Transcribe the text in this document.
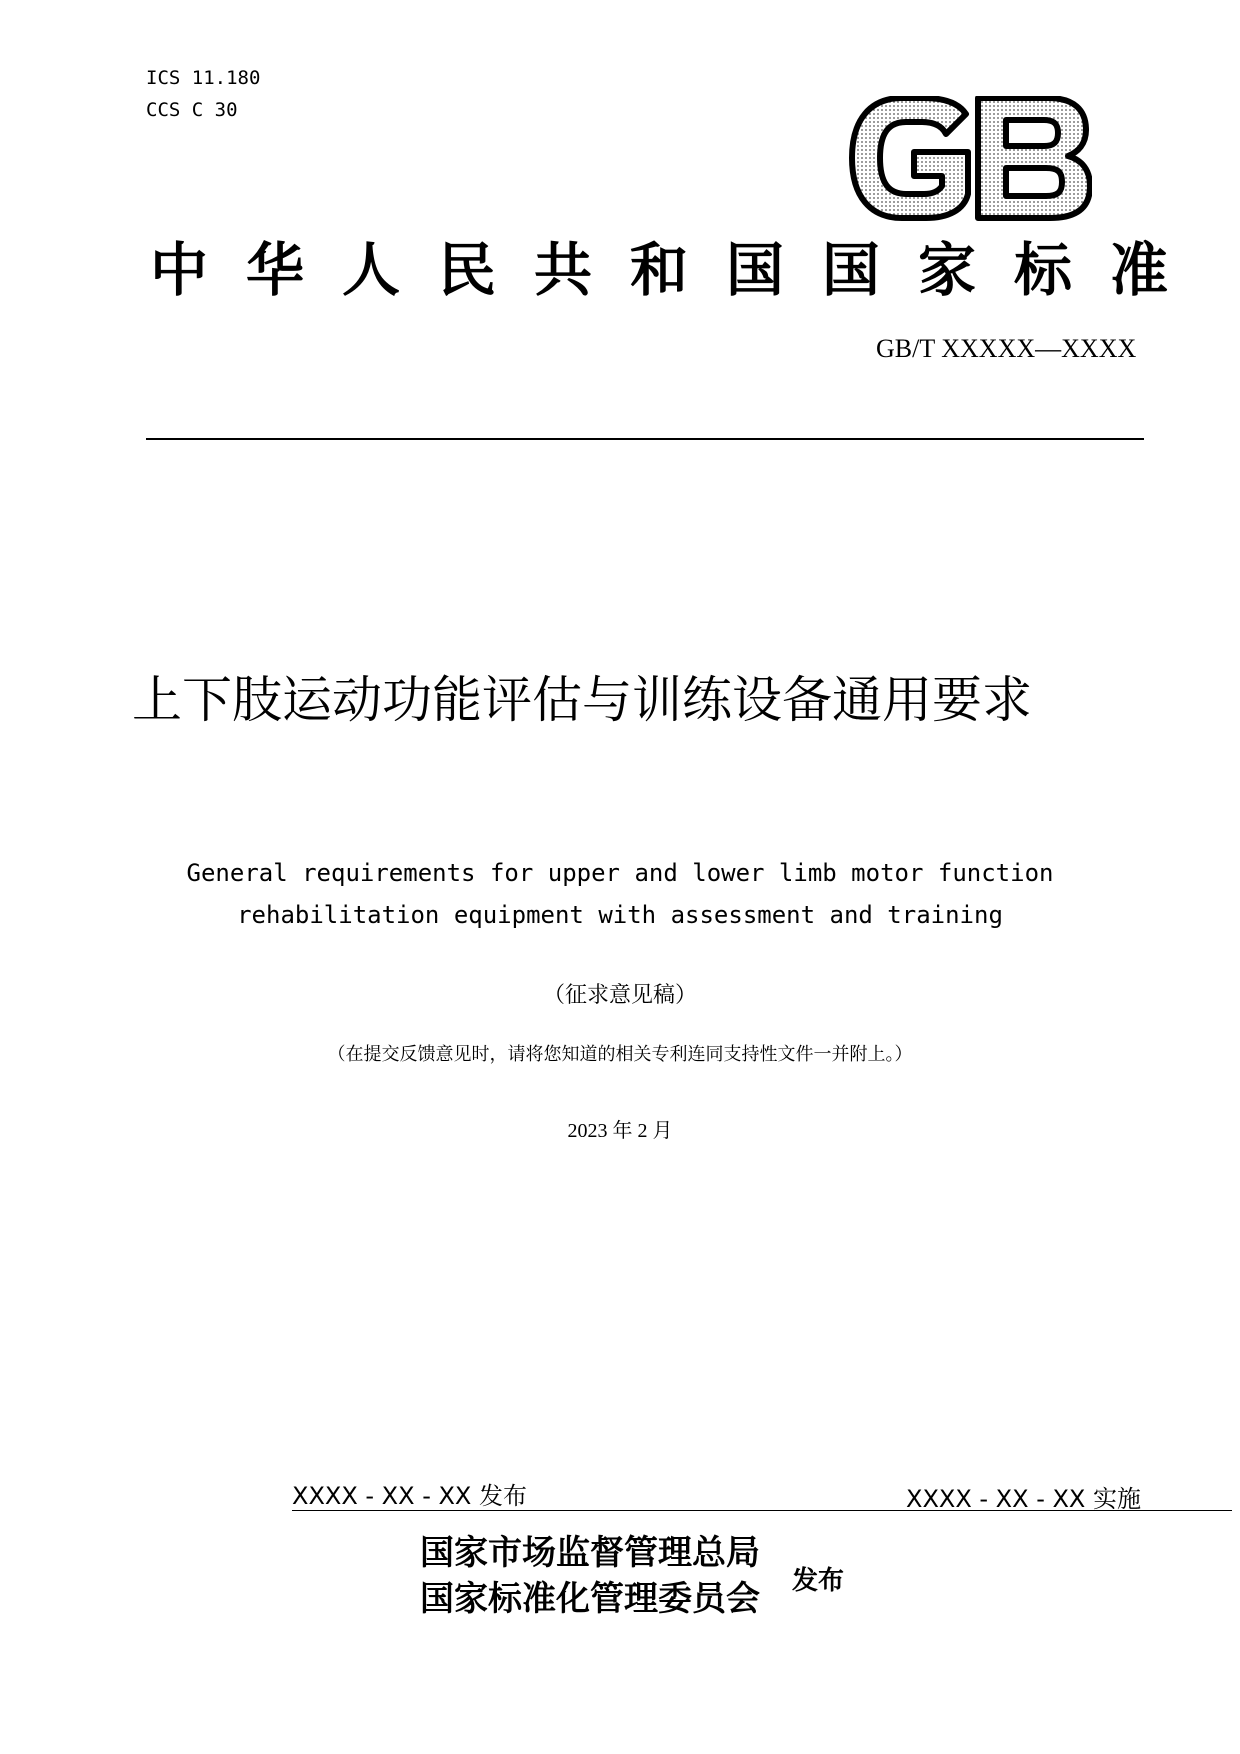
ICS 11.180
CCS C 30
中华人民共和国国家标准
GB/T XXXXX—XXXX
上下肢运动功能评估与训练设备通用要求
General requirements for upper and lower limb motor function
rehabilitation equipment with assessment and training
（征求意见稿）
（在提交反馈意见时，请将您知道的相关专利连同支持性文件一并附上。）
2023 年 2 月
XXXX - XX - XX 发布	XXXX - XX - XX 实施
国家市场监督管理总局
国家标准化管理委员会 发布
